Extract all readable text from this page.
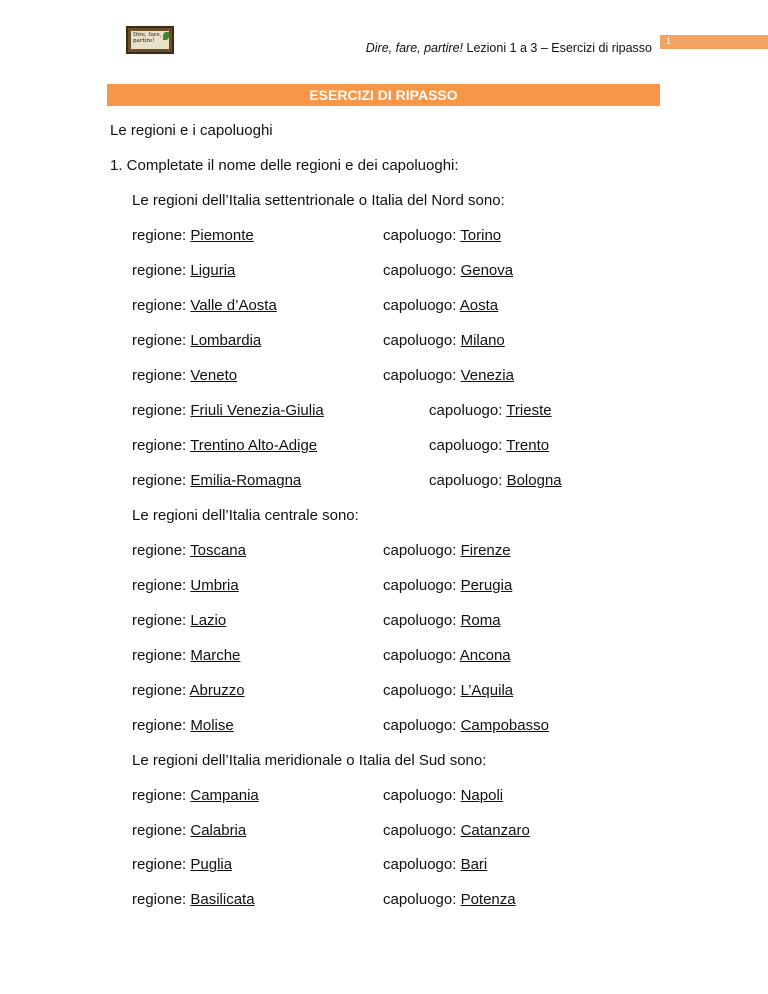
Dire, fare, partire!	Dire, fare, partire! Lezioni 1 a 3 – Esercizi di ripasso 1
ESERCIZI DI RIPASSO
Le regioni e i capoluoghi
1. Completate il nome delle regioni e dei capoluoghi:
Le regioni dell’Italia settentrionale o Italia del Nord sono:
regione: Piemonte	capoluogo: Torino
regione: Liguria	capoluogo: Genova
regione: Valle d’Aosta	capoluogo: Aosta
regione: Lombardia	capoluogo: Milano
regione: Veneto	capoluogo: Venezia
regione: Friuli Venezia-Giulia	capoluogo: Trieste
regione: Trentino Alto-Adige	capoluogo: Trento
regione: Emilia-Romagna	capoluogo: Bologna
Le regioni dell’Italia centrale sono:
regione: Toscana	capoluogo: Firenze
regione: Umbria	capoluogo: Perugia
regione: Lazio	capoluogo: Roma
regione: Marche	capoluogo: Ancona
regione: Abruzzo	capoluogo: L’Aquila
regione: Molise	capoluogo: Campobasso
Le regioni dell’Italia meridionale o Italia del Sud sono:
regione: Campania	capoluogo: Napoli
regione: Calabria	capoluogo: Catanzaro
regione: Puglia	capoluogo: Bari
regione: Basilicata	capoluogo: Potenza
